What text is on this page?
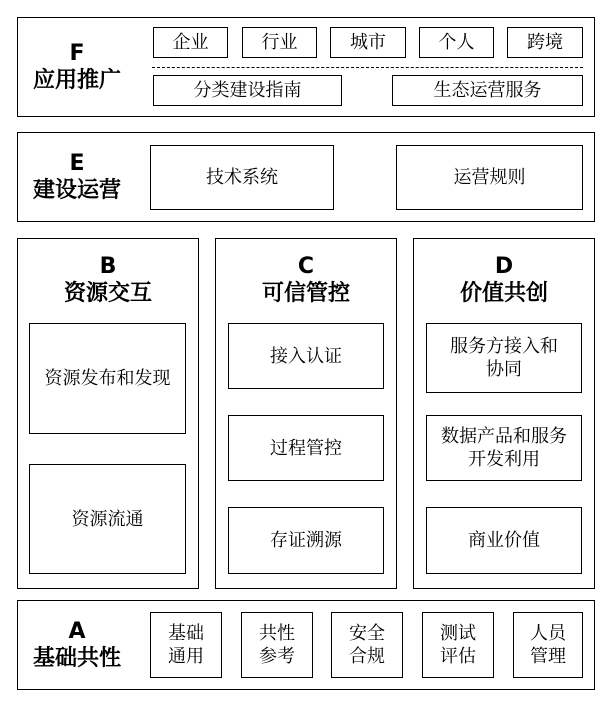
F
应用推广
企业	行业	城市	个人	跨境
分类建设指南	生态运营服务
E
建设运营	技术系统	运营规则
B
资源交互
资源发布和发现
资源流通
C
可信管控
接入认证
过程管控
存证溯源
D
价值共创
服务方接入和
协同
数据产品和服务
开发利用
商业价值
A
基础共性
基础
通用
共性
参考
安全
合规
测试
评估
人员
管理
